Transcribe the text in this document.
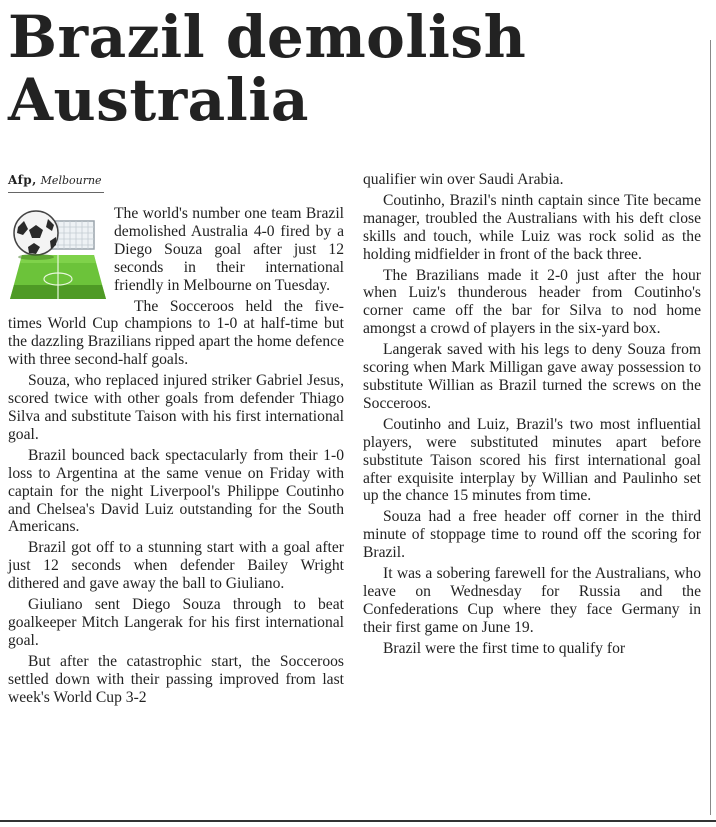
Brazil demolish Australia
Afp, Melbourne

The world's number one team Brazil demolished Australia 4-0 fired by a Diego Souza goal after just 12 seconds in their international friendly in Melbourne on Tuesday.

The Socceroos held the five-times World Cup champions to 1-0 at half-time but the dazzling Brazilians ripped apart the home defence with three second-half goals.

Souza, who replaced injured striker Gabriel Jesus, scored twice with other goals from defender Thiago Silva and substitute Taison with his first international goal.

Brazil bounced back spectacularly from their 1-0 loss to Argentina at the same venue on Friday with captain for the night Liverpool's Philippe Coutinho and Chelsea's David Luiz outstanding for the South Americans.

Brazil got off to a stunning start with a goal after just 12 seconds when defender Bailey Wright dithered and gave away the ball to Giuliano.

Giuliano sent Diego Souza through to beat goalkeeper Mitch Langerak for his first international goal.

But after the catastrophic start, the Socceroos settled down with their passing improved from last week's World Cup 3-2

qualifier win over Saudi Arabia.

Coutinho, Brazil's ninth captain since Tite became manager, troubled the Australians with his deft close skills and touch, while Luiz was rock solid as the holding midfielder in front of the back three.

The Brazilians made it 2-0 just after the hour when Luiz's thunderous header from Coutinho's corner came off the bar for Silva to nod home amongst a crowd of players in the six-yard box.

Langerak saved with his legs to deny Souza from scoring when Mark Milligan gave away possession to substitute Willian as Brazil turned the screws on the Socceroos.

Coutinho and Luiz, Brazil's two most influential players, were substituted minutes apart before substitute Taison scored his first international goal after exquisite interplay by Willian and Paulinho set up the chance 15 minutes from time.

Souza had a free header off corner in the third minute of stoppage time to round off the scoring for Brazil.

It was a sobering farewell for the Australians, who leave on Wednesday for Russia and the Confederations Cup where they face Germany in their first game on June 19.

Brazil were the first time to qualify for
